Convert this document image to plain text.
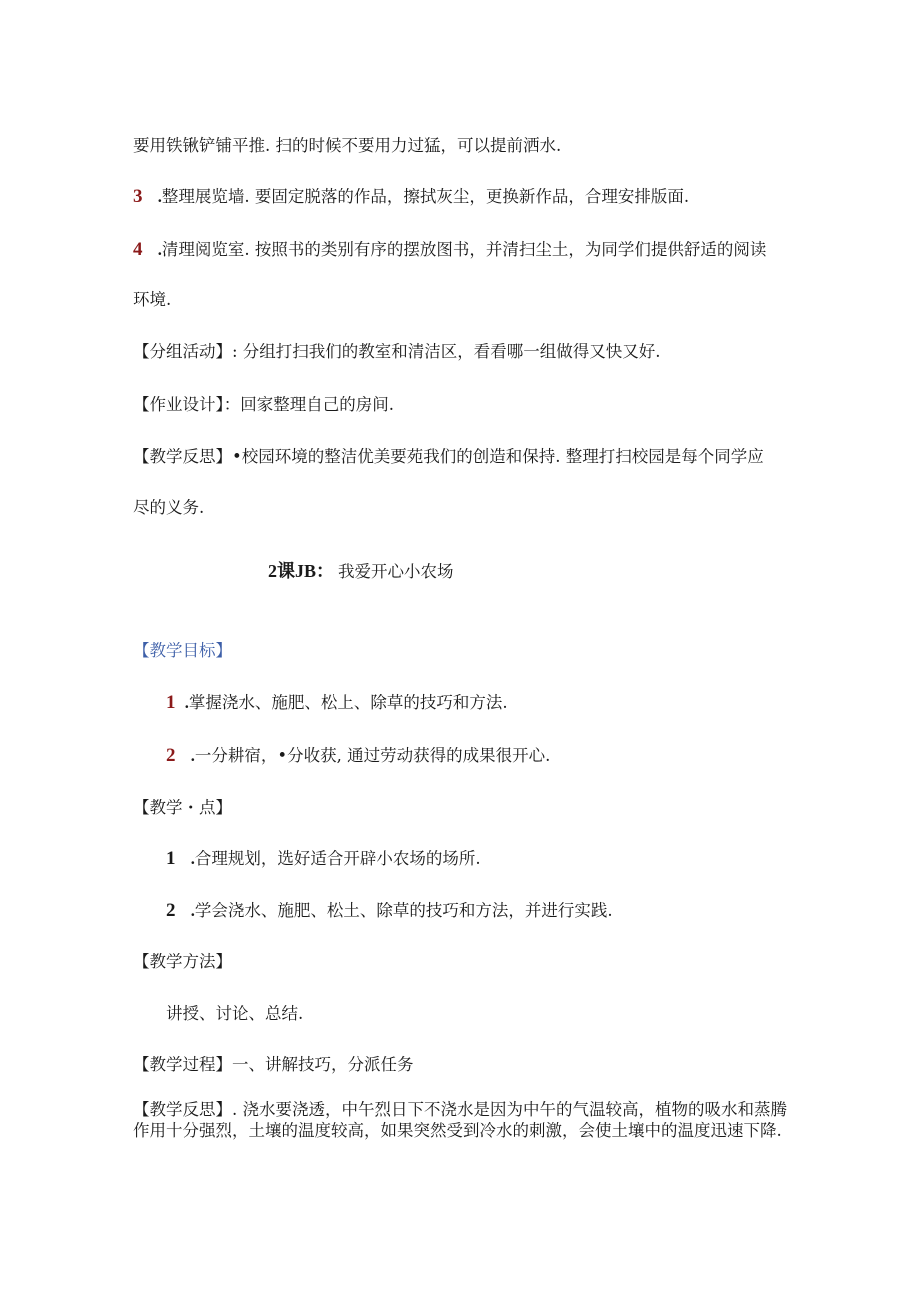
要用铁锹铲铺平推. 扫的时候不要用力过猛，可以提前洒水.
3 .整理展览墙. 要固定脱落的作品，擦拭灰尘，更换新作品，合理安排版面.
4 .清理阅览室. 按照书的类别有序的摆放图书，并清扫尘土，为同学们提供舒适的阅读
环境.
【分组活动】: 分组打扫我们的教室和清洁区，看看哪一组做得又快又好.
【作业设计】：回家整理自己的房间.
【教学反思】•校园环境的整洁优美要苑我们的创造和保持. 整理打扫校园是每个同学应
尽的义务.
2课JB： 我爱开心小农场
【教学目标】
1 .掌握浇水、施肥、松上、除草的技巧和方法.
2 .一分耕宿，•分收获, 通过劳动获得的成果很开心.
【教学・点】
1 .合理规划，选好适合开辟小农场的场所.
2 .学会浇水、施肥、松土、除草的技巧和方法，并进行实践.
【教学方法】
讲授、讨论、总结.
【教学过程】一、讲解技巧，分派任务
【教学反思】. 浇水要浇透，中午烈日下不浇水是因为中午的气温较高，植物的吸水和蒸腾作用十分强烈，土壤的温度较高，如果突然受到冷水的刺激，会使土壤中的温度迅速下降.
